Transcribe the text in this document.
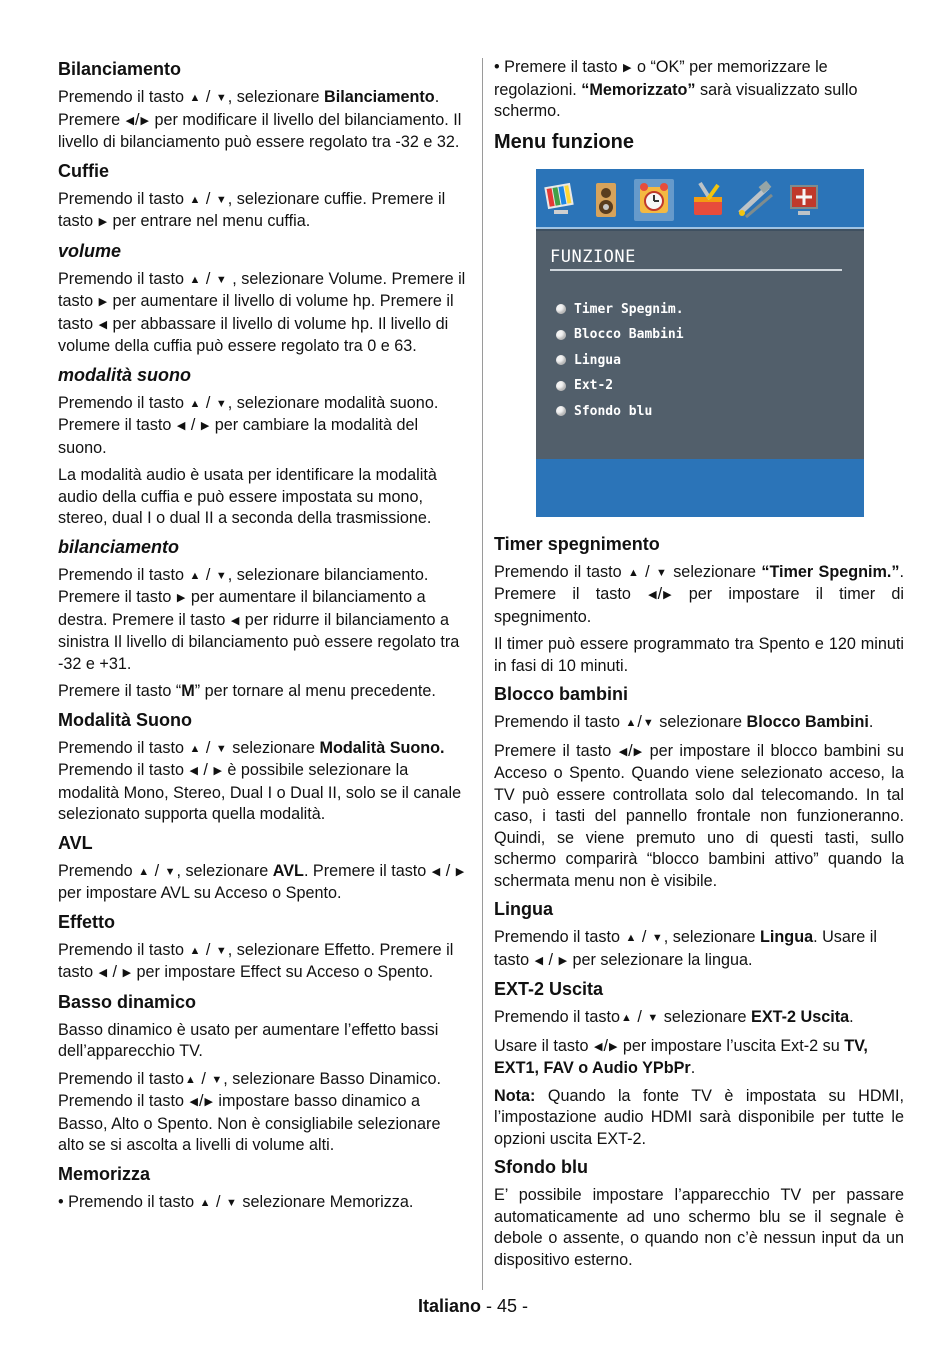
Bilanciamento

Premendo il tasto ▲ / ▼, selezionare Bilanciamento. Premere ◀/▶ per modificare il livello del bilanciamento. Il livello di bilanciamento può essere regolato tra -32 e 32.

Cuffie

Premendo il tasto ▲ / ▼, selezionare cuffie. Premere il tasto ▶ per entrare nel menu cuffia.

volume

Premendo il tasto ▲ / ▼ , selezionare Volume. Premere il tasto ▶ per aumentare il livello di volume hp. Premere il tasto ◀ per abbassare il livello di volume hp. Il livello di volume della cuffia può essere regolato tra 0 e 63.

modalità suono

Premendo il tasto ▲ / ▼, selezionare modalità suono. Premere il tasto ◀ / ▶ per cambiare la modalità del suono.

La modalità audio è usata per identificare la modalità audio della cuffia e può essere impostata su mono, stereo, dual I o dual II a seconda della trasmissione.

bilanciamento

Premendo il tasto ▲ / ▼, selezionare bilanciamento. Premere il tasto ▶ per aumentare il bilanciamento a destra. Premere il tasto ◀ per ridurre il bilanciamento a sinistra Il livello di bilanciamento può essere regolato tra -32 e +31.

Premere il tasto “M” per tornare al menu precedente.

Modalità Suono

Premendo il tasto ▲ / ▼ selezionare Modalità Suono. Premendo il tasto ◀ / ▶ è possibile selezionare la modalità Mono, Stereo, Dual I o Dual II, solo se il canale selezionato supporta quella modalità.

AVL

Premendo ▲ / ▼, selezionare AVL. Premere il tasto ◀ / ▶ per impostare AVL su Acceso o Spento.

Effetto

Premendo il tasto ▲ / ▼, selezionare Effetto. Premere il tasto ◀ / ▶ per impostare Effect su Acceso o Spento.

Basso dinamico

Basso dinamico è usato per aumentare l’effetto bassi dell’apparecchio TV.

Premendo il tasto▲ / ▼, selezionare Basso Dinamico. Premendo il tasto ◀/▶ impostare basso dinamico a Basso, Alto o Spento. Non è consigliabile selezionare alto se si ascolta a livelli di volume alti.

Memorizza

• Premendo il tasto ▲ / ▼ selezionare Memorizza.

• Premere il tasto ▶ o “OK” per memorizzare le regolazioni. “Memorizzato” sarà visualizzato sullo schermo.

Menu funzione
FUNZIONE
Timer Spegnim.
Blocco Bambini
Lingua
Ext-2
Sfondo blu
Timer spegnimento

Premendo il tasto ▲ / ▼ selezionare “Timer Spegnim.”. Premere il tasto ◀/▶ per impostare il timer di spegnimento.

Il timer può essere programmato tra Spento e 120 minuti in fasi di 10 minuti.

Blocco bambini

Premendo il tasto ▲/▼ selezionare Blocco Bambini.

Premere il tasto ◀/▶ per impostare il blocco bambini su Acceso o Spento. Quando viene selezionato acceso, la TV può essere controllata solo dal telecomando. In tal caso, i tasti del pannello frontale non funzioneranno. Quindi, se viene premuto uno di questi tasti, sullo schermo comparirà “blocco bambini attivo” quando la schermata menu non è visibile.

Lingua

Premendo il tasto ▲ / ▼, selezionare Lingua. Usare il tasto ◀ / ▶ per selezionare la lingua.

EXT-2 Uscita

Premendo il tasto▲ / ▼ selezionare EXT-2 Uscita.

Usare il tasto ◀/▶ per impostare l’uscita Ext-2 su TV, EXT1, FAV o Audio YPbPr.

Nota: Quando la fonte TV è impostata su HDMI, l’impostazione audio HDMI sarà disponibile per tutte le opzioni uscita EXT-2.

Sfondo blu

E’ possibile impostare l’apparecchio TV per passare automaticamente ad uno schermo blu se il segnale è debole o assente, o quando non c’è nessun input da un dispositivo esterno.

Italiano - 45 -
